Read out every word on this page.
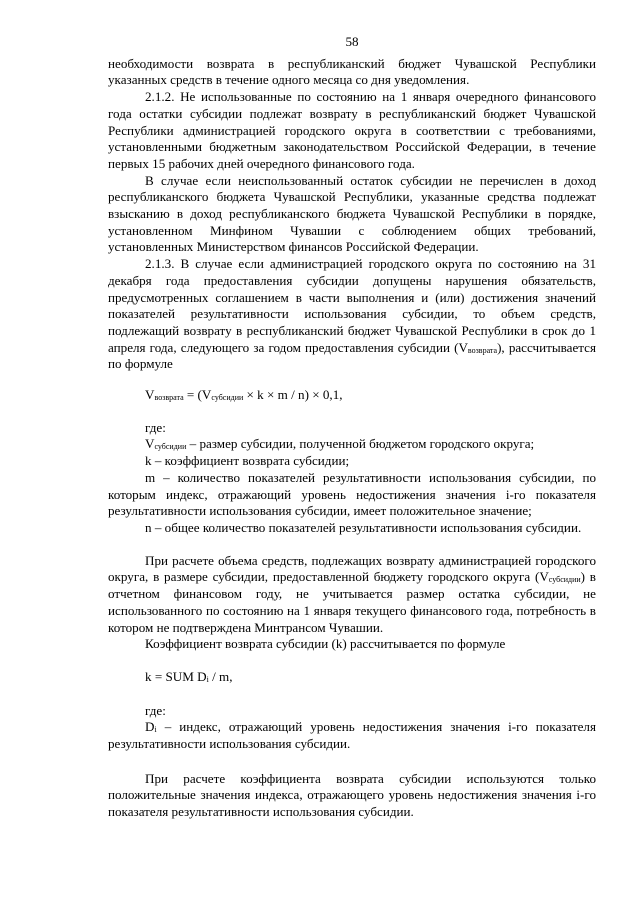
58

необходимости возврата в республиканский бюджет Чувашской Республики указанных средств в течение одного месяца со дня уведомления.

2.1.2. Не использованные по состоянию на 1 января очередного финансового года остатки субсидии подлежат возврату в республиканский бюджет Чувашской Республики администрацией городского округа в соответствии с требованиями, установленными бюджетным законодательством Российской Федерации, в течение первых 15 рабочих дней очередного финансового года.

В случае если неиспользованный остаток субсидии не перечислен в доход республиканского бюджета Чувашской Республики, указанные средства подлежат взысканию в доход республиканского бюджета Чувашской Республики в порядке, установленном Минфином Чувашии с соблюдением общих требований, установленных Министерством финансов Российской Федерации.

2.1.3. В случае если администрацией городского округа по состоянию на 31 декабря года предоставления субсидии допущены нарушения обязательств, предусмотренных соглашением в части выполнения и (или) достижения значений показателей результативности использования субсидии, то объем средств, подлежащий возврату в республиканский бюджет Чувашской Республики в срок до 1 апреля года, следующего за годом предоставления субсидии $(V_{возврата})$, рассчитывается по формуле

$V_{возврата} = (V_{субсидии} \times k \times m / n) \times 0,1$,

где:

$V_{субсидии}$ – размер субсидии, полученной бюджетом городского округа;

k – коэффициент возврата субсидии;

m – количество показателей результативности использования субсидии, по которым индекс, отражающий уровень недостижения значения i-го показателя результативности использования субсидии, имеет положительное значение;

n – общее количество показателей результативности использования субсидии.

При расчете объема средств, подлежащих возврату администрацией городского округа, в размере субсидии, предоставленной бюджету городского округа $(V_{субсидии})$ в отчетном финансовом году, не учитывается размер остатка субсидии, не использованного по состоянию на 1 января текущего финансового года, потребность в котором не подтверждена Минтрансом Чувашии.

Коэффициент возврата субсидии (k) рассчитывается по формуле

k = SUM $D_i$ / m,

где:

$D_i$ – индекс, отражающий уровень недостижения значения i-го показателя результативности использования субсидии.

При расчете коэффициента возврата субсидии используются только положительные значения индекса, отражающего уровень недостижения значения i-го показателя результативности использования субсидии.
